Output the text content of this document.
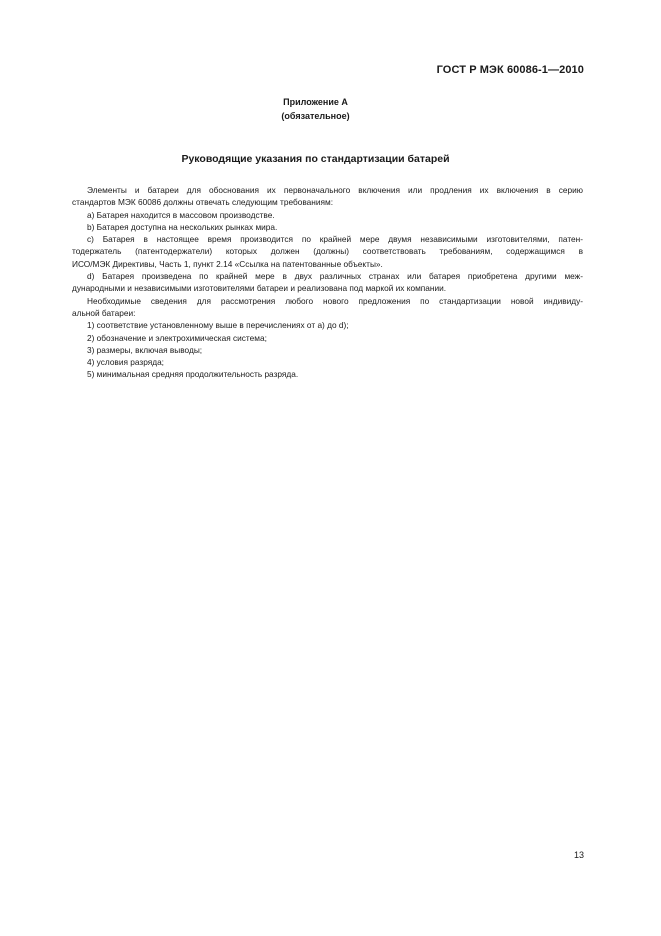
ГОСТ Р МЭК 60086-1—2010
Приложение А
(обязательное)
Руководящие указания по стандартизации батарей
Элементы и батареи для обоснования их первоначального включения или продления их включения в серию
стандартов МЭК 60086 должны отвечать следующим требованиям:
a) Батарея находится в массовом производстве.
b) Батарея доступна на нескольких рынках мира.
c) Батарея в настоящее время производится по крайней мере двумя независимыми изготовителями, патен-
тодержатель (патентодержатели) которых должен (должны) соответствовать требованиям, содержащимся в
ИСО/МЭК Директивы, Часть 1, пункт 2.14 «Ссылка на патентованные объекты».
d) Батарея произведена по крайней мере в двух различных странах или батарея приобретена другими меж-
дународными и независимыми изготовителями батареи и реализована под маркой их компании.
Необходимые сведения для рассмотрения любого нового предложения по стандартизации новой индивиду-
альной батареи:
1) соответствие установленному выше в перечислениях от а) до d);
2) обозначение и электрохимическая система;
3) размеры, включая выводы;
4) условия разряда;
5) минимальная средняя продолжительность разряда.
13
